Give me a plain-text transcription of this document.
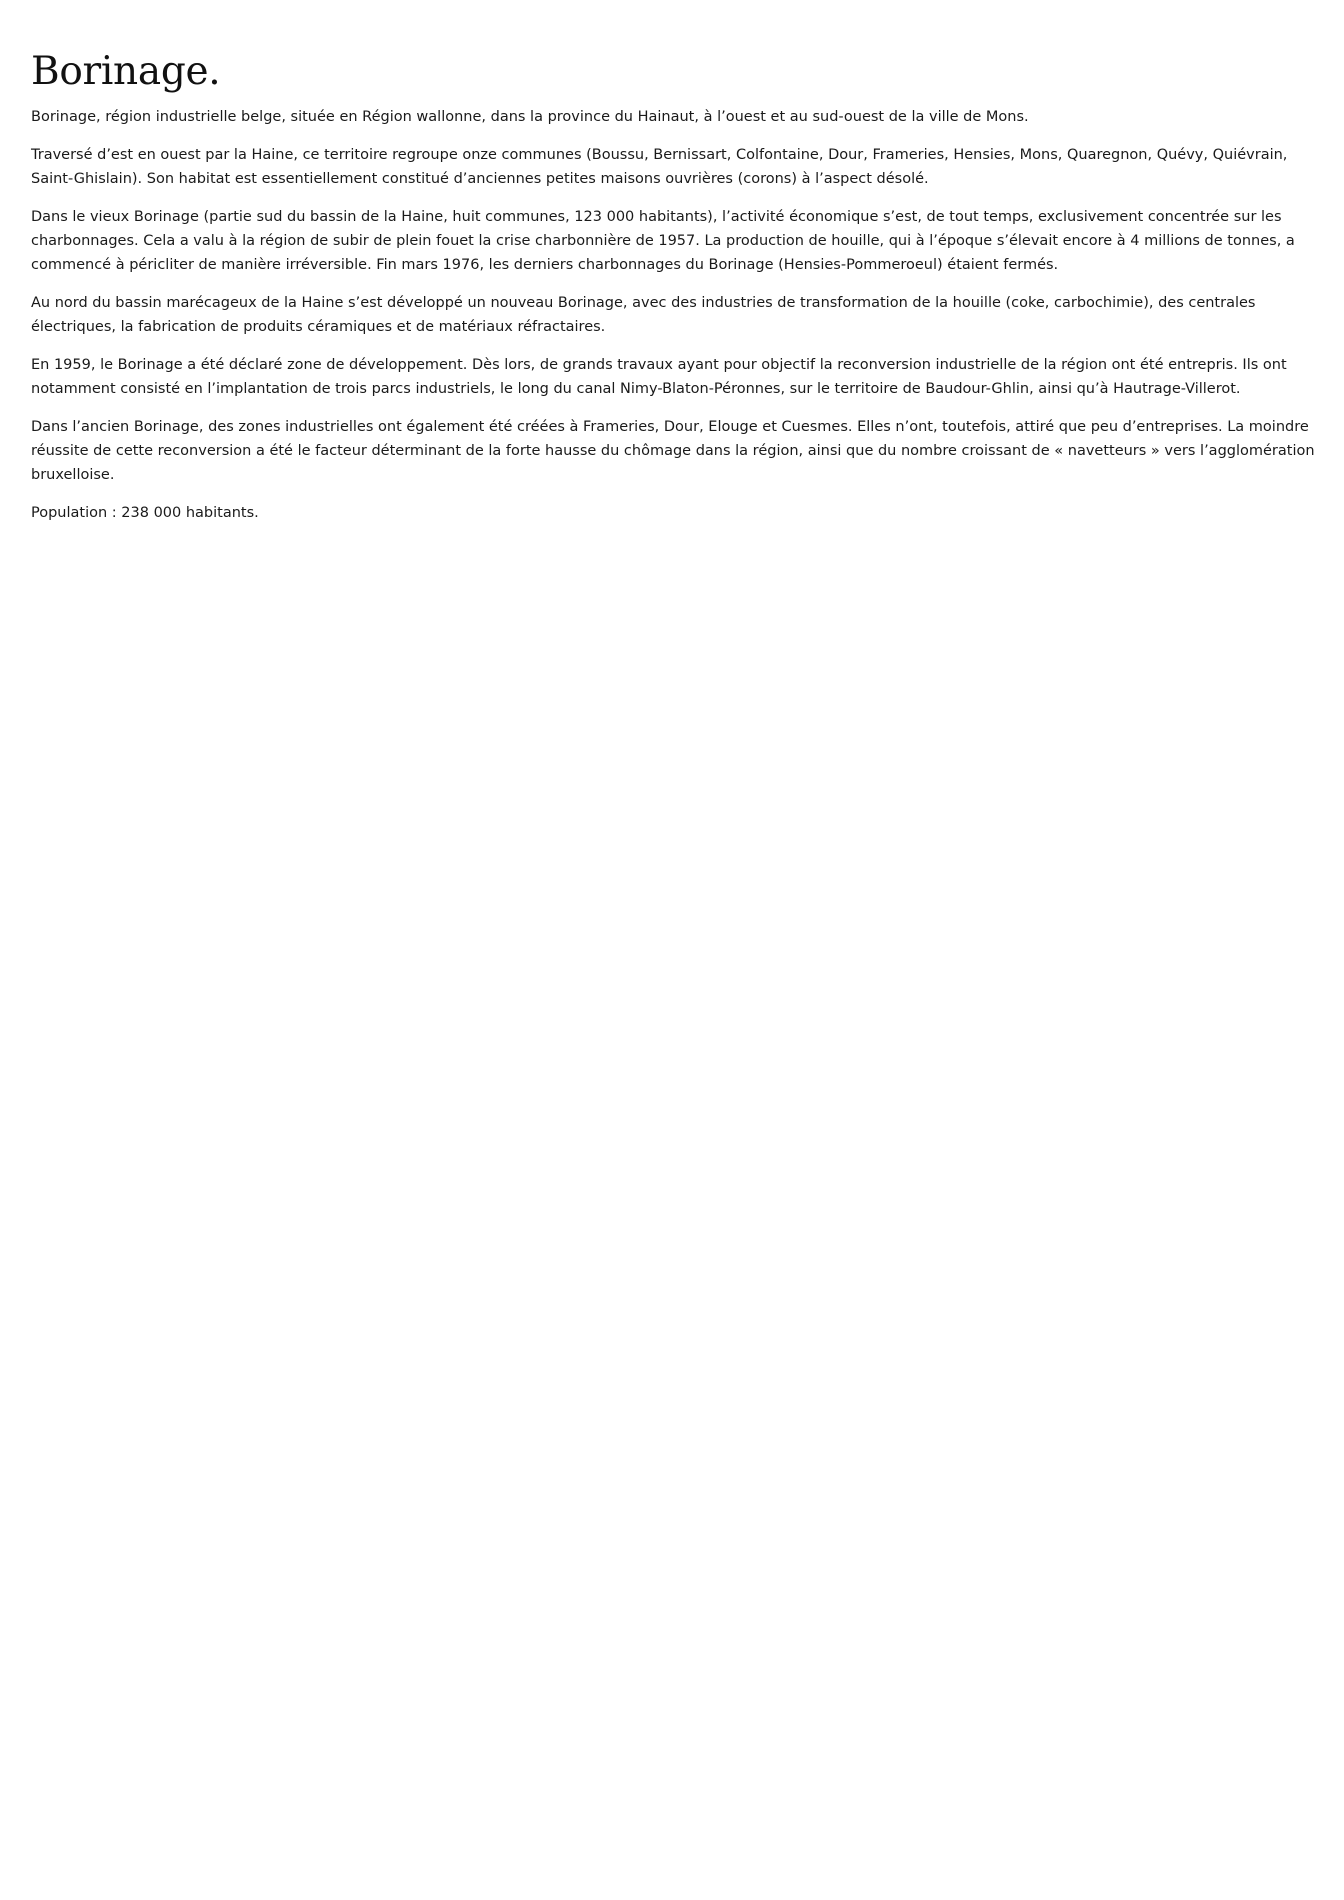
Borinage.

Borinage, région industrielle belge, située en Région wallonne, dans la province du Hainaut, à l’ouest et au sud-ouest de la ville de Mons.

Traversé d’est en ouest par la Haine, ce territoire regroupe onze communes (Boussu, Bernissart, Colfontaine, Dour, Frameries, Hensies, Mons, Quaregnon, Quévy, Quiévrain, Saint-Ghislain). Son habitat est essentiellement constitué d’anciennes petites maisons ouvrières (corons) à l’aspect désolé.

Dans le vieux Borinage (partie sud du bassin de la Haine, huit communes, 123 000 habitants), l’activité économique s’est, de tout temps, exclusivement concentrée sur les charbonnages. Cela a valu à la région de subir de plein fouet la crise charbonnière de 1957. La production de houille, qui à l’époque s’élevait encore à 4 millions de tonnes, a commencé à péricliter de manière irréversible. Fin mars 1976, les derniers charbonnages du Borinage (Hensies-Pommeroeul) étaient fermés.

Au nord du bassin marécageux de la Haine s’est développé un nouveau Borinage, avec des industries de transformation de la houille (coke, carbochimie), des centrales électriques, la fabrication de produits céramiques et de matériaux réfractaires.

En 1959, le Borinage a été déclaré zone de développement. Dès lors, de grands travaux ayant pour objectif la reconversion industrielle de la région ont été entrepris. Ils ont notamment consisté en l’implantation de trois parcs industriels, le long du canal Nimy-Blaton-Péronnes, sur le territoire de Baudour-Ghlin, ainsi qu’à Hautrage-Villerot.

Dans l’ancien Borinage, des zones industrielles ont également été créées à Frameries, Dour, Elouge et Cuesmes. Elles n’ont, toutefois, attiré que peu d’entreprises. La moindre réussite de cette reconversion a été le facteur déterminant de la forte hausse du chômage dans la région, ainsi que du nombre croissant de « navetteurs » vers l’agglomération bruxelloise.

Population : 238 000 habitants.
